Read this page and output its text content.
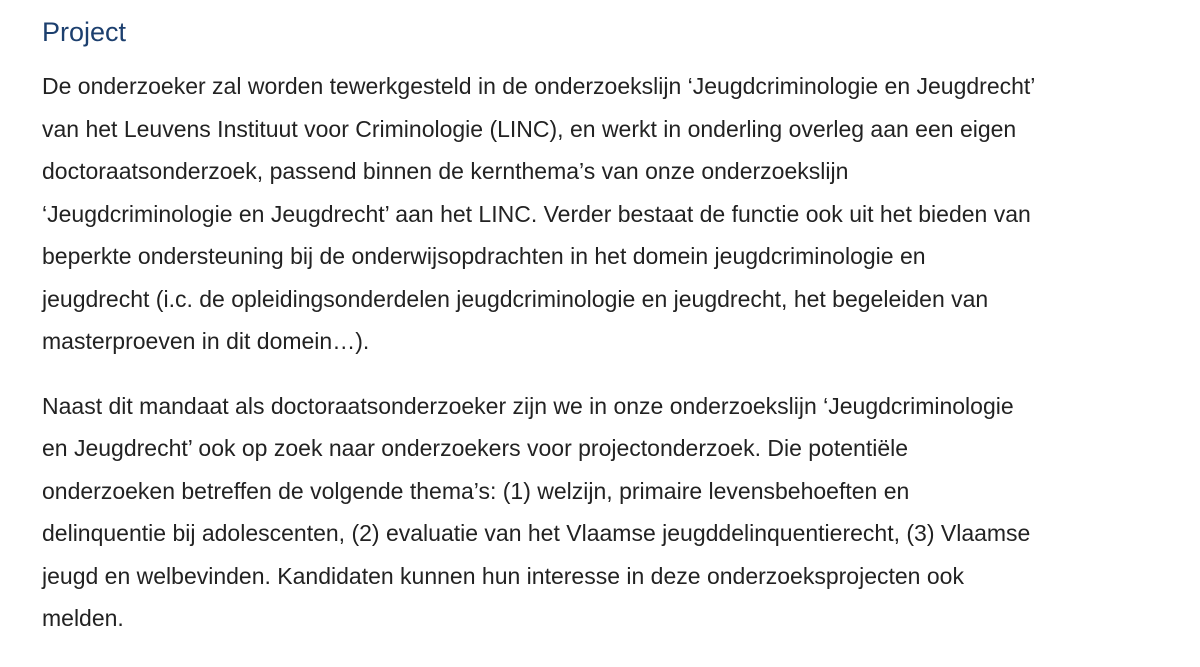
Project

De onderzoeker zal worden tewerkgesteld in de onderzoekslijn ‘Jeugdcriminologie en Jeugdrecht’
van het Leuvens Instituut voor Criminologie (LINC), en werkt in onderling overleg aan een eigen
doctoraatsonderzoek, passend binnen de kernthema’s van onze onderzoekslijn
‘Jeugdcriminologie en Jeugdrecht’ aan het LINC. Verder bestaat de functie ook uit het bieden van
beperkte ondersteuning bij de onderwijsopdrachten in het domein jeugdcriminologie en
jeugdrecht (i.c. de opleidingsonderdelen jeugdcriminologie en jeugdrecht, het begeleiden van
masterproeven in dit domein…).

Naast dit mandaat als doctoraatsonderzoeker zijn we in onze onderzoekslijn ‘Jeugdcriminologie
en Jeugdrecht’ ook op zoek naar onderzoekers voor projectonderzoek. Die potentiële
onderzoeken betreffen de volgende thema’s: (1) welzijn, primaire levensbehoeften en
delinquentie bij adolescenten, (2) evaluatie van het Vlaamse jeugddelinquentierecht, (3) Vlaamse
jeugd en welbevinden. Kandidaten kunnen hun interesse in deze onderzoeksprojecten ook
melden.
